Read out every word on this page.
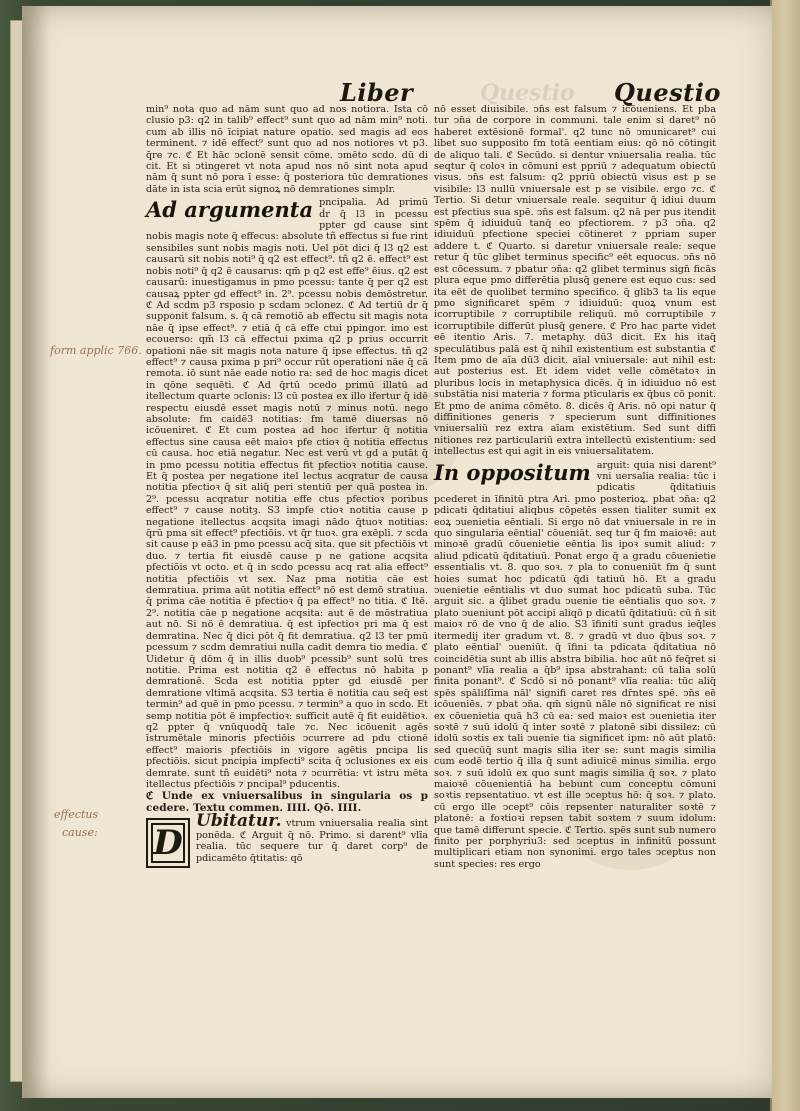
Liber	Questio Questio
form applic 766.
effectus
cause:

min⁹ nota quo ad nām sunt quo ad nos notiora. Ista cō clusio p3: q2 in talib⁹ effect⁹ sunt quo ad nām min⁹ noti. cum ab illis nō īcipiat nature opatio. sed magis ad eos terminent. ⁊ idē effect⁹ sunt quo ad nos notiores vt p3. q̄re ⁊c. ℭ Et hāc ↄclonē sensit cōme. ↄmēto scdo. dū di cit. Et si ↄtingeret vt nota apud nos nō sint nota apud nām q̄ sunt nō pora ī esse: q̄ posteriora tūc demrationes dāte in ista scia erūt signoꝝ nō demrationes simplr.

Ad argumenta pncipalia. Ad primū ḋr q̄ l3 in pcessu ppter gd cause sint nobis magis note q̄ effecus: absolute tñ effectus si fue rint sensibiles sunt nobis magis noti. Uel pōt dici q̄ l3 q2 est causarū sit nobis noti⁹ q̄ q2 est effect⁹. tñ q2 ē. effect⁹ est nobis noti⁹ q̄ q2 ē causarus: qm̄ p q2 est effe⁹ ēius. q2 est causarū: inuestigamus in pmo pcessu: tante q̄ per q2 est causaꝝ ppter gd effect⁹ in. 2⁹. pcessu nobis demōstretur. ℭ Ad scdm p3 rsposio p scdam ↄclonez. ℭ Ad tertiū ḋr q̄ supponit falsum. s. q̄ cā remotiō ab effectu sit magis nota nāe q̄ ipse effect⁹. ⁊ etiā q̄ cā effe ctui ppingor. imo est ecouerso: qm̄ l3 cā effectui pxima q2 p prius occurrit opationi nāe sit magis nota nature q̄ ipse effectus. tñ q2 effect⁹ ⁊ causa pxima p pri⁹ occur rūt operationi nāe q̄ cā remota. iō sunt nāe eade notio ra: sed de hoc magis dicet in qōne sequēti. ℭ Ad q̄rtū ↄcedo primū illatū ad itellectum quarte ↄclonis: l3 cū postea ex illo ifertur q̄ idē respectu eiusdē esset magis notū ⁊ minus notū. nego absolute: fm caidē3 notitias: fm tamē diuersas nō icōueniret. ℭ Et cum postea ad hoc ifertur q̄ notitia effectus sine causa eēt maioꝛ pfe ctioꝛ q̄ notitia effectus cū causa. hoc etiā negatur. Nec est verū vt gd a putāt q̄ in pmo pcessu notitia effectus fit pfectioꝛ notitia cause. Et q̄ postea per negatione itel lectus acqratur de causa notitia pfectioꝛ q̄ sit aliq̄ peri stentiū per quā postea in. 2⁹. pcessu acqratur notitia effe ctus pfectioꝛ poribus effect⁹ ⁊ cause notitȝ. S3 impfe ctioꝛ notitia cause p negatione itellectus acqsita imagi nādo q̄tuoꝛ notitias: q̄rū pma sit effect⁹ pfectiōis. vt q̄r tuoꝛ. gra exēpli. ⁊ scda sit cause p eā3 in pmo pcessu acq̄ sita. que sit pfectiōis vt duo. ⁊ tertia fit eiusdē cause p ne gatione acqsita pfectiōis vt octo. et q̄ in scdo pcessu acq rat alia effect⁹ notitia pfectiōis vt sex. Naz pma notitia cāe est demratiua. prima aūt notitia effect⁹ nō est demō stratiua. q̄ prima cāe notitia ē pfectioꝛ q̄ pa effect⁹ no titia. ℭ Itē. 2⁹. notitia cāe p negatione acqsita: aut ē de mōstratiua aut nō. Si nō ē demratiua. q̄ est ipfectioꝛ pri ma q̄ est demratina. Nec q̄ dici pōt q̄ fit demratiua. q2 l3 ter pmū pcessum ⁊ scdm demratiui nulla cadit demra tio media. ℭ Uidetur q̄ dōm q̄ in illis duob⁹ pcessib⁹ sunt solū tres notitie. Prima est notitia q2 ē effectus nō habita p demrationē. Scda est notitia ppter gd eiusdē per demratione vltimā acqsita. S3 tertia ē notitia cau seq̄ est termin⁹ ad quē in pmo pcessu. ⁊ termin⁹ a quo in scdo. Et semp notitia pōt ē impfectioꝛ: sufficit autē q̄ fit euidētioꝛ. q2 ppter q̄ vnūquodq̄ tale ⁊c. Nec icōuenit agēs īstrumētale minoris pfectiōis ↄcurrere ad pdu ctionē effect⁹ maioris pfectiōis in vigore agētis pncipa lis pfectiōis. sicut pncipia impfecti⁹ scita q̄ ↄclusiones ex eis demrate. sunt tñ euidēti⁹ nota ⁊ ↄcurrētia: vt istru mēta itellectus pfectiōis ⁊ pncipal⁹ pducentis.

ℭ Unde ex vniuersalibus in singularia os p cedere. Textu commen. IIII. Qō. IIII.

D
Ubitatur. vtrum vniuersalia realia sint ponēda. ℭ Arguit q̄ nō. Primo. si darent⁹ vlīa realia. tūc sequere tur q̄ daret corp⁹ de pdicamēto q̄titatis: qō

nō esset diuisibile. ↄn̄s est falsum ⁊ icōueniens. Et pba tur ↄn̄a de corpore in communi. tale enim si daret⁹ nō haberet extēsionē formal'. q2 tunc nō ↄmunicaret⁹ cui libet suo supposito fm totā eentiam eius: qō nō cōtingit de aliquo tali. ℭ Secūdo. si dentur vniuersalia realia. tūc seqtur q̄ coloꝛ in cōmuni est ppriū ⁊ adequatum obiectū visus. ↄn̄s est falsum: q2 ppriū obiectū visus est p se visibile: l3 nullū vniuersale est p se visibile. ergo ⁊c. ℭ Tertio. Si detur vniuersale reale. sequitur q̄ idiui duum est pfectius sua spē. ↄn̄s est falsum. q2 nā per pus itendit spēm q̄ idiuiduū tanq̄ eo pfectiorem. ⁊ p3 ↄn̄a. q2 idiuiduū pfectione speciei cōtineret ⁊ ppriam super addere t. ℭ Quarto. si daretur vniuersale reale: seque retur q̄ tūc glibet terminus specific⁹ eēt equocus. ↄn̄s nō est cōcessum. ⁊ pbatur ↄn̄a: q2 glibet terminus sign̄ ficās plura eque pmo differētia plusq̄ genere est equo cus: sed ita eēt de quolibet termino specifico. q̄ glib3 ta lis eque pmo significaret spēm ⁊ idiuiduū: quoꝝ vnum est icorruptibile ⁊ corruptibile reliquū. mō corruptibile ⁊ icorruptibile differūt plusq̄ genere. ℭ Pro hac parte videt eē itentio Aris. 7. metaphy. dū3 dicit. Ex his itaq̄ speculātibus palā est q̄ nihil existentium est substantia ℭ Item pmo de aīa dū3 dicit. aīal vniuersale: aut nihil est: aut posterius est. Et idem videt velle cōmētatoꝛ in pluribus locis in metaphysica dicēs. q̄ in idiuiduo nō est substātia nisi materia ⁊ forma ptīcularis ex q̄bus cō ponit. Et pmo de anima cōmēto. 8. dicēs q̄ Aris. nō opi natur q̄ diffinitiones generis ⁊ specierum sunt diffinitiones vniuersaliū rez extra aīam existētium. Sed sunt diffi nitiones rez particulariū extra intellectū existentium: sed intellectus est qui agit in eis vniuersalitatem.

In oppositum arguit: quia nisi darent⁹ vni uersalia realia: tūc i pdicatis q̄ditatiuis pcederet in īfinitū ptra Ari. pmo posterioꝝ. pbat ↄn̄a: q2 pdicati q̄ditatiui aliqbus cōpetēs essen tialiter sumit ex eoꝝ ↄuenietia eēntiali. Si ergo nō dat vniuersale in re in quo singularia eēntial' cōueniāt. seq tur q̄ fm maioꝛē: aut minoꝛē gradū cōuenietie eēntia lis ipoꝛ sumit aliud: ⁊ aliud pdicatū q̄ditatiuū. Ponat ergo q̄ a gradu cōuenietie essentialis vt. 8. quo soꝛ. ⁊ pla to conueniūt fm q̄ sunt hoies sumat hoc pdicatū q̄di tatiuū hō. Et a gradu ↄuenietie eēntialis vt duo sumat hoc pdicatū suba. Tūc arguit sic. a q̄libet gradu ↄuenie tie eēntialis quo soꝛ. ⁊ plato ↄueniunt pōt accipi aliqō p dicatū q̄ditatiuū: cū n̄ sit maioꝛ rō de vno q̄ de alio. S3 īfiniti sunt gradus ieq̄les itermedij iter gradum vt. 8. ⁊ gradū vt duo q̄bus soꝛ. ⁊ plato eēntial' ↄueniūt. q̄ īfini ta pdicata q̄ditatiua nō coincidētia sunt ab illis abstra bibilia. hoc aūt nō feq̄ret si ponant⁹ vlīa realia a q̄b⁹ ipsa abstrahant: cū talia solū finita ponant⁹. ℭ Scdō si nō ponant⁹ vlīa realia: tūc aliq̄ spēs spāliſſima nāl' signifi caret res dr̄ntes spē. ↄn̄s eē icōueniēs. ⁊ pbat ↄn̄a. qm̄ signū nāle nō significat re nisi ex cōuenietia quā h3 cū ea: sed maioꝛ est ↄuenietia iter soꝛtē ⁊ suū idolū q̄ inter soꝛtē ⁊ platonē sibi dissilez: cū idolū soꝛtis ex tali ↄuenie tia significet ipm: nō aūt platō: sed quecūq̄ sunt magis silia iter se: sunt magis similia cum eodē tertio q̄ illa q̄ sunt adiuicē minus similia. ergo soꝛ. ⁊ suū idolū ex quo sunt magis similia q̄ soꝛ. ⁊ plato maioꝛē cōuenientiā ha bebunt cum conceptu cōmuni soꝛtis repsentatiuo. vt est ille ↄceptus hō: q̄ soꝛ. ⁊ plato. cū ergo ille ↄcept⁹ cōis repsenter naturaliter soꝛtē ⁊ platonē: a foꝛtioꝛi repsen tabit soꝛtem ⁊ suum idolum: que tamē differunt specie. ℭ Tertio. spēs sunt sub numero finito per porphyriu3: sed ↄceptus in infinitū possunt multiplicari etiam non synonimi. ergo tales ↄceptus non sunt species: res ergo
